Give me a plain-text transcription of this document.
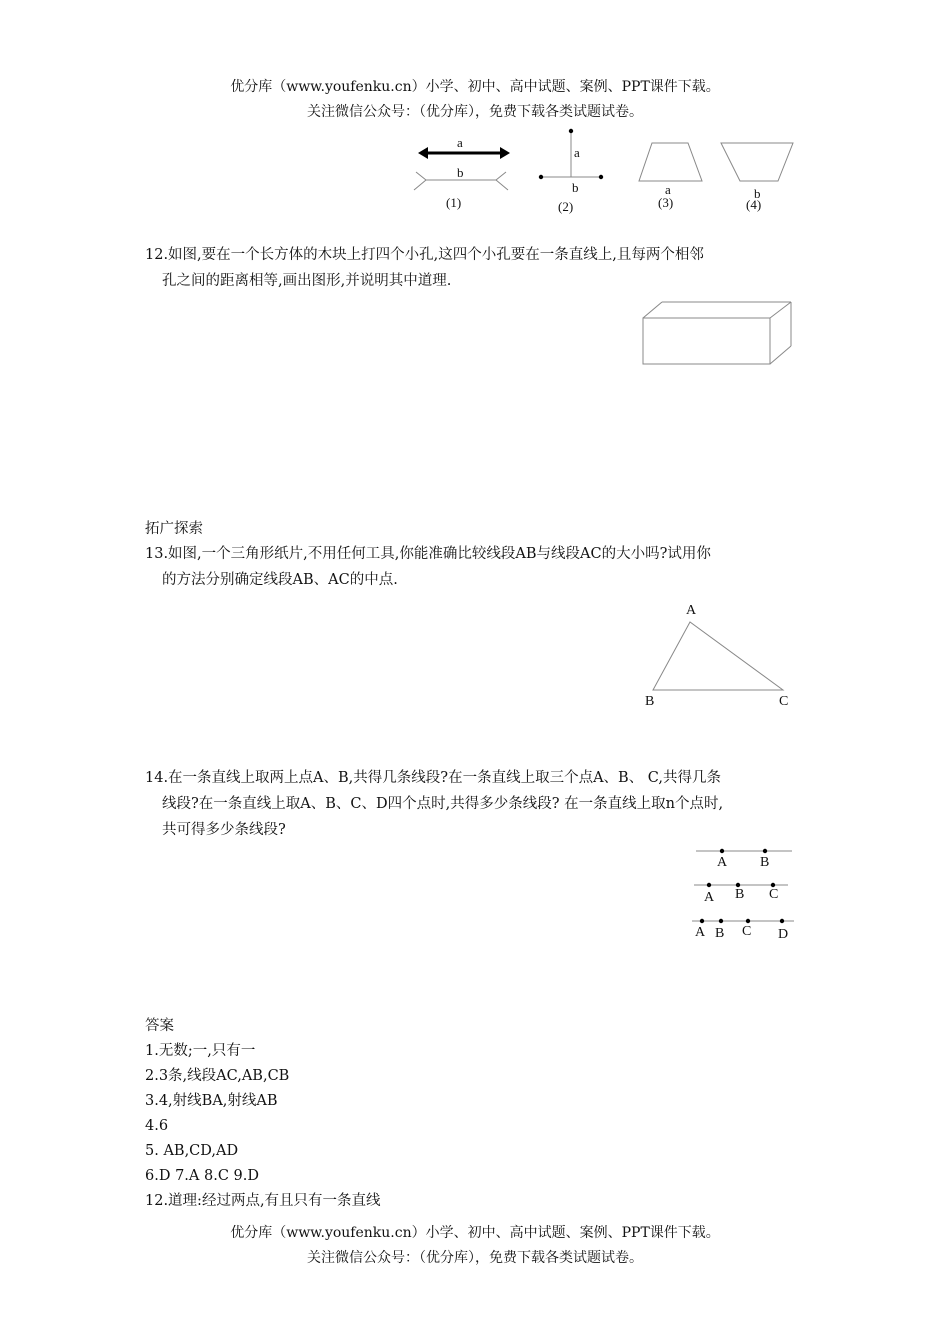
优分库（www.youfenku.cn）小学、初中、高中试题、案例、PPT课件下载。
关注微信公众号：（优分库），免费下载各类试题试卷。
a
b
(1)
a
b
(2)
a
(3)
b
(4)
12.如图,要在一个长方体的木块上打四个小孔,这四个小孔要在一条直线上,且每两个相邻
孔之间的距离相等,画出图形,并说明其中道理.
拓广探索
13.如图,一个三角形纸片,不用任何工具,你能准确比较线段AB与线段AC的大小吗?试用你
的方法分别确定线段AB、AC的中点.
A
B	C
14.在一条直线上取两上点A、B,共得几条线段?在一条直线上取三个点A、B、 C,共得几条
线段?在一条直线上取A、B、C、D四个点时,共得多少条线段? 在一条直线上取n个点时,
共可得多少条线段?
A B
A B C
A B C D
答案
1.无数;一,只有一
2.3条,线段AC,AB,CB
3.4,射线BA,射线AB
4.6
5. AB,CD,AD
6.D 7.A 8.C 9.D
12.道理:经过两点,有且只有一条直线
优分库（www.youfenku.cn）小学、初中、高中试题、案例、PPT课件下载。
关注微信公众号：（优分库），免费下载各类试题试卷。
